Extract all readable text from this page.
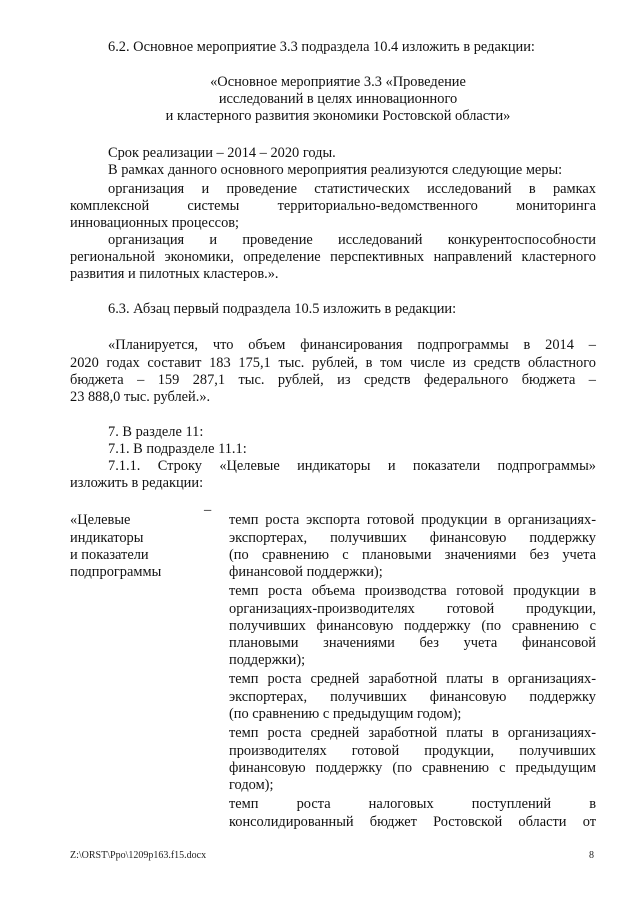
6.2. Основное мероприятие 3.3 подраздела 10.4 изложить в редакции:
«Основное мероприятие 3.3 «Проведение
исследований в целях инновационного
и кластерного развития экономики Ростовской области»
Срок реализации – 2014 – 2020 годы.
В рамках данного основного мероприятия реализуются следующие меры:
организация и проведение статистических исследований в рамках
комплексной системы территориально-ведомственного мониторинга
инновационных процессов;
организация и проведение исследований конкурентоспособности
региональной экономики, определение перспективных направлений кластерного
развития и пилотных кластеров.».
6.3. Абзац первый подраздела 10.5 изложить в редакции:
«Планируется, что объем финансирования подпрограммы в 2014 –
2020 годах составит 183 175,1 тыс. рублей, в том числе из средств областного
бюджета – 159 287,1 тыс. рублей, из средств федерального бюджета –
23 888,0 тыс. рублей.».
7. В разделе 11:
7.1. В подразделе 11.1:
7.1.1. Строку «Целевые индикаторы и показатели подпрограммы»
изложить в редакции:
«Целевые
индикаторы
и показатели
подпрограммы
–
темп роста экспорта готовой продукции в организациях-
экспортерах, получивших финансовую поддержку
(по сравнению с плановыми значениями без учета
финансовой поддержки);
темп роста объема производства готовой продукции в
организациях-производителях готовой продукции,
получивших финансовую поддержку (по сравнению с
плановыми значениями без учета финансовой
поддержки);
темп роста средней заработной платы в организациях-
экспортерах, получивших финансовую поддержку
(по сравнению с предыдущим годом);
темп роста средней заработной платы в организациях-
производителях готовой продукции, получивших
финансовую поддержку (по сравнению с предыдущим
годом);
темп роста налоговых поступлений в
консолидированный бюджет Ростовской области от
Z:\ORST\Ppo\1209p163.f15.docx	8
